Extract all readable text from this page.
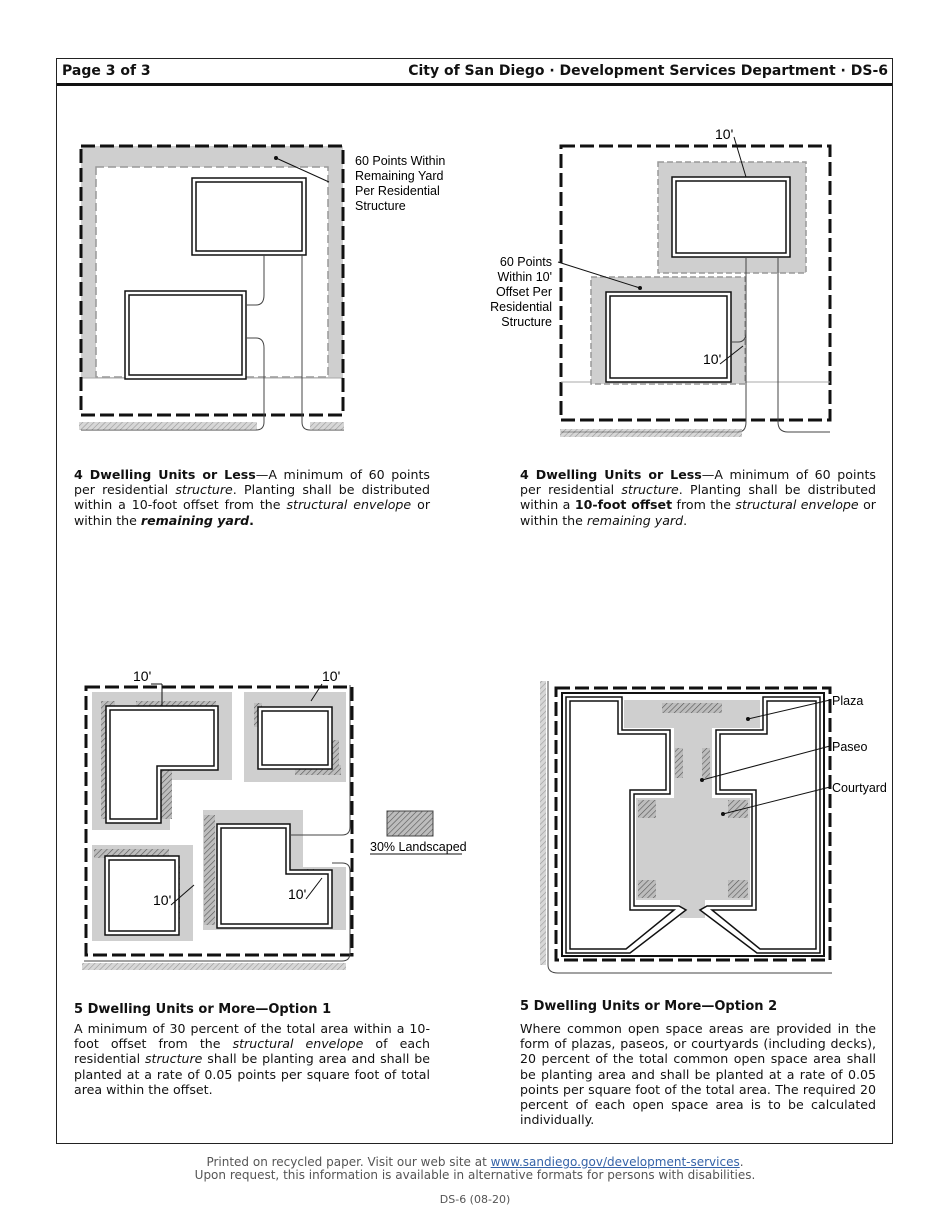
Page 3 of 3	City of San Diego · Development Services Department · DS-6
60 Points Within
Remaining Yard
Per Residential
Structure
4 Dwelling Units or Less—A minimum of 60 points per residential structure. Planting shall be distributed within a 10-foot offset from the structural envelope or within the remaining yard.
10'
10'
60 Points
Within 10'
Offset Per
Residential
Structure
4 Dwelling Units or Less—A minimum of 60 points per residential structure. Planting shall be distributed within a 10-foot offset from the structural envelope or within the remaining yard.
10'	10'
10'	10'
30% Landscaped
5 Dwelling Units or More—Option 1
A minimum of 30 percent of the total area within a 10-foot offset from the structural envelope of each residential structure shall be planting area and shall be planted at a rate of 0.05 points per square foot of total area within the offset.
Plaza
Paseo
Courtyard
5 Dwelling Units or More—Option 2
Where common open space areas are provided in the form of plazas, paseos, or courtyards (including decks), 20 percent of the total common open space area shall be planting area and shall be planted at a rate of 0.05 points per square foot of the total area. The required 20 percent of each open space area is to be calculated individually.
Printed on recycled paper. Visit our web site at www.sandiego.gov/development-services.
Upon request, this information is available in alternative formats for persons with disabilities.
DS-6 (08-20)
